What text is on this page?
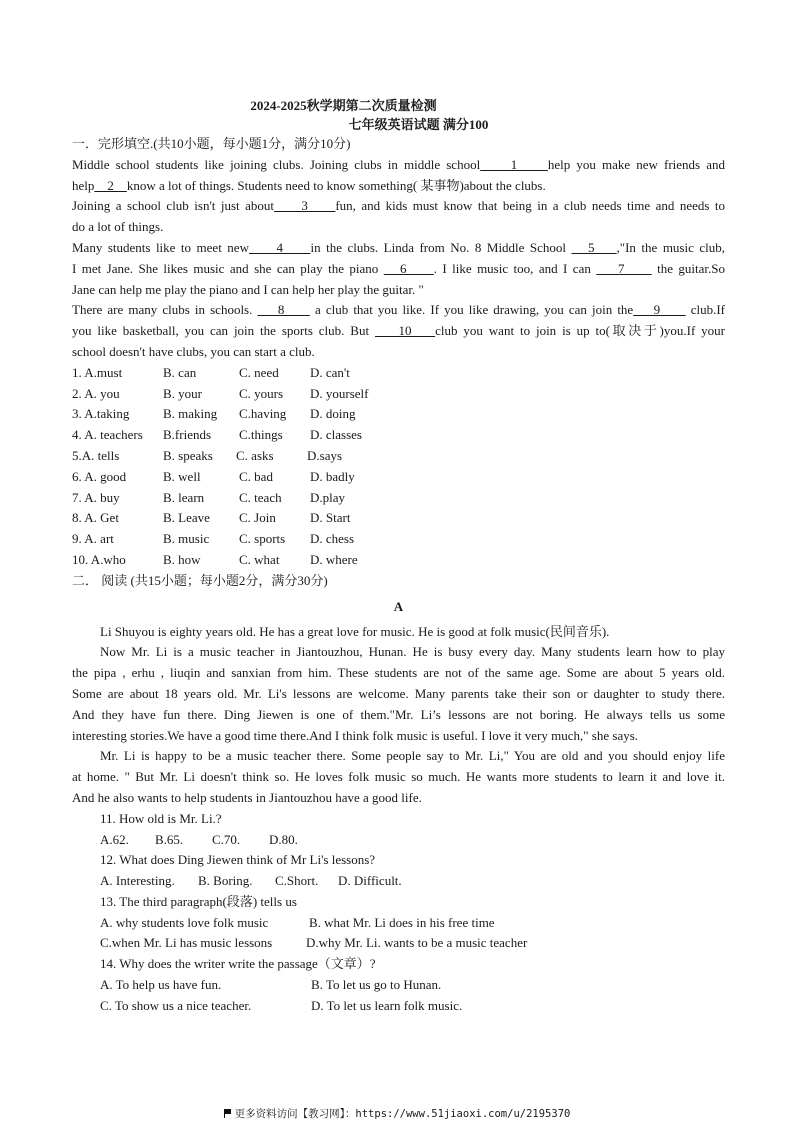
2024-2025秋学期第二次质量检测
七年级英语试题 满分100
一．完形填空.(共10小题，每小题1分，满分10分)
Middle school students like joining clubs. Joining clubs in middle school     1     help you make new friends and
help    2    know a lot of things. Students need to know something( 某事物)about the clubs.
Joining a school club isn't just about     3     fun, and kids must know that being in a club needs time and needs to
do a lot of things.
Many students like to meet new     4     in the clubs. Linda from No. 8 Middle School    5    ,"In the music club,
I met Jane. She likes music and she can play the piano    6     . I like music too, and I can     7      the guitar.So
Jane can help me play the piano and I can help her play the guitar. "
There are many clubs in schools.     8      a club that you like. If you like drawing, you can join the    9      club.If
you like basketball, you can join the sports club. But     10    club you want to join is up to(取决于)you.If your
school doesn't have clubs, you can start a club.
1. A.must	B. can	C. need D. can't
2. A. you	B. your	C. yours D. yourself
3. A.taking	B. making C.having D. doing
4. A. teachers B.friends C.things D. classes
5.A. tells	B. speaks C. asks	D.says
6. A. good	B. well	C. bad	D. badly
7. A. buy	B. learn	C. teach D.play
8. A. Get	B. Leave C. Join	D. Start
9. A. art	B. music C. sports D. chess
10. A.who	B. how	C. what D. where
二． 阅读 (共15小题；每小题2分，满分30分)
A
Li Shuyou is eighty years old. He has a great love for music. He is good at folk music(民间音乐).
Now Mr. Li is a music teacher in Jiantouzhou, Hunan. He is busy every day. Many students learn how to play
the pipa , erhu , liuqin and sanxian from him. These students are not of the same age. Some are about 5 years old.
Some are about 18 years old. Mr. Li's lessons are welcome. Many parents take their son or daughter to study there.
And they have fun there. Ding Jiewen is one of them."Mr. Li’s lessons are not boring. He always tells us some
interesting stories.We have a good time there.And I think folk music is useful. I love it very much," she says.
Mr. Li is happy to be a music teacher there. Some people say to Mr. Li," You are old and you should enjoy life
at home. " But Mr. Li doesn't think so. He loves folk music so much. He wants more students to learn it and love it.
And he also wants to help students in Jiantouzhou have a good life.
11. How old is Mr. Li.?
A.62. B.65. C.70. D.80.
12. What does Ding Jiewen think of Mr Li's lessons?
A. Interesting. B. Boring. C.Short. D. Difficult.
13. The third paragraph(段落) tells us
A. why students love folk music	B. what Mr. Li does in his free time
C.when Mr. Li has music lessons	D.why Mr. Li. wants to be a music teacher
14. Why does the writer write the passage（文章）?
A. To help us have fun.	B. To let us go to Hunan.
C. To show us a nice teacher.	D. To let us learn folk music.
更多资料访问【教习网】：https://www.51jiaoxi.com/u/2195370
